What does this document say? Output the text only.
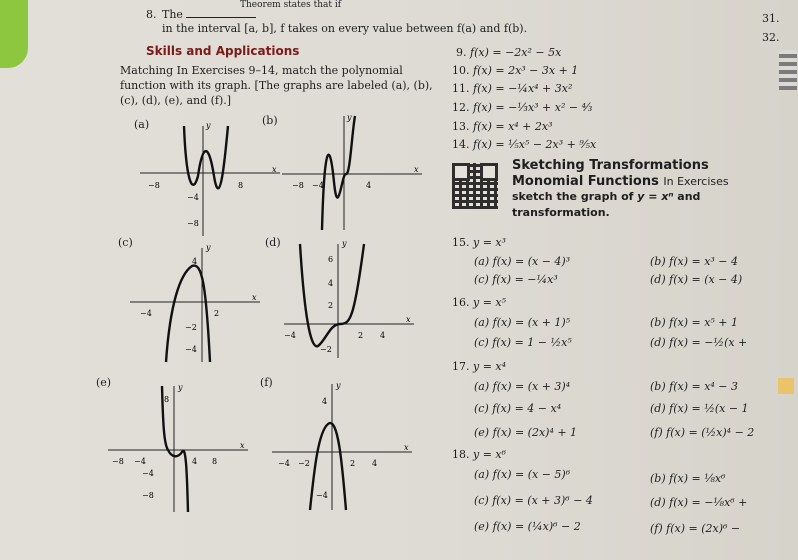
Theorem states that if
8. The
in the interval [a, b], f takes on every value between f(a) and f(b).
31.
32.
Skills and Applications
Matching In Exercises 9–14, match the polynomial
function with its graph. [The graphs are labeled (a), (b),
(c), (d), (e), and (f).]
9. f(x) = −2x² − 5x
10. f(x) = 2x³ − 3x + 1
11. f(x) = −¼x⁴ + 3x²
12. f(x) = −⅓x³ + x² − ⁴⁄₃
13. f(x) = x⁴ + 2x³
14. f(x) = ⅕x⁵ − 2x³ + ⁹⁄₅x
Sketching Transformations
Monomial Functions In Exercises
sketch the graph of y = xⁿ and
transformation.
15. y = x³
(a) f(x) = (x − 4)³	(b) f(x) = x³ − 4
(c) f(x) = −¼x³	(d) f(x) = (x − 4)
16. y = x⁵
(a) f(x) = (x + 1)⁵	(b) f(x) = x⁵ + 1
(c) f(x) = 1 − ½x⁵	(d) f(x) = −½(x +
17. y = x⁴
(a) f(x) = (x + 3)⁴	(b) f(x) = x⁴ − 3
(c) f(x) = 4 − x⁴	(d) f(x) = ½(x − 1
(e) f(x) = (2x)⁴ + 1	(f) f(x) = (½x)⁴ − 2
18. y = x⁶
(a) f(x) = (x − 5)⁶	(b) f(x) = ⅛x⁶
(c) f(x) = (x + 3)⁶ − 4	(d) f(x) = −⅛x⁶ +
(e) f(x) = (¼x)⁶ − 2	(f) f(x) = (2x)⁶ −
(a)	(b)
(c)	(d)
(e)	(f)
−8	8
−4
−8
x
y
−8 −4	4
x
y
−4	2
4
−2
−4
x
y
−4	2 4
6
4
2
−2
x
y
−8 −4	4 8
8
−4
−8
x
y
−4 −2	2 4
4
−4
x
y
